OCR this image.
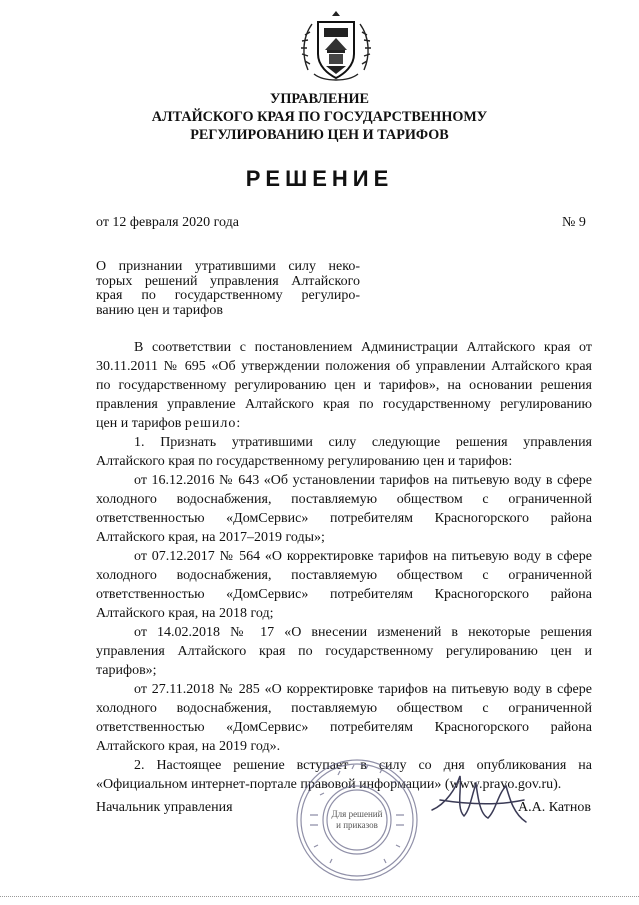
УПРАВЛЕНИЕ
АЛТАЙСКОГО КРАЯ ПО ГОСУДАРСТВЕННОМУ
РЕГУЛИРОВАНИЮ ЦЕН И ТАРИФОВ
РЕШЕНИЕ
от 12 февраля 2020 года	№ 9
О признании утратившими силу неко-
торых решений управления Алтайского
края по государственному регулиро-
ванию цен и тарифов
В соответствии с постановлением Администрации Алтайского края от
30.11.2011 № 695 «Об утверждении положения об управлении Алтайского края
по государственному регулированию цен и тарифов», на основании решения
правления управление Алтайского края по государственному регулированию
цен и тарифов решило:
1. Признать утратившими силу следующие решения управления
Алтайского края по государственному регулированию цен и тарифов:
от 16.12.2016 № 643 «Об установлении тарифов на питьевую воду в сфере
холодного водоснабжения, поставляемую обществом с ограниченной
ответственностью «ДомСервис» потребителям Красногорского района
Алтайского края, на 2017–2019 годы»;
от 07.12.2017 № 564 «О корректировке тарифов на питьевую воду в сфере
холодного водоснабжения, поставляемую обществом с ограниченной
ответственностью «ДомСервис» потребителям Красногорского района
Алтайского края, на 2018 год;
от 14.02.2018 № 17 «О внесении изменений в некоторые решения
управления Алтайского края по государственному регулированию цен и
тарифов»;
от 27.11.2018 № 285 «О корректировке тарифов на питьевую воду в сфере
холодного водоснабжения, поставляемую обществом с ограниченной
ответственностью «ДомСервис» потребителям Красногорского района
Алтайского края, на 2019 год».
2. Настоящее решение вступает в силу со дня опубликования на
«Официальном интернет-портале правовой информации» (www.pravo.gov.ru).
Для решений
и приказов
Начальник управления	А.А. Катнов
